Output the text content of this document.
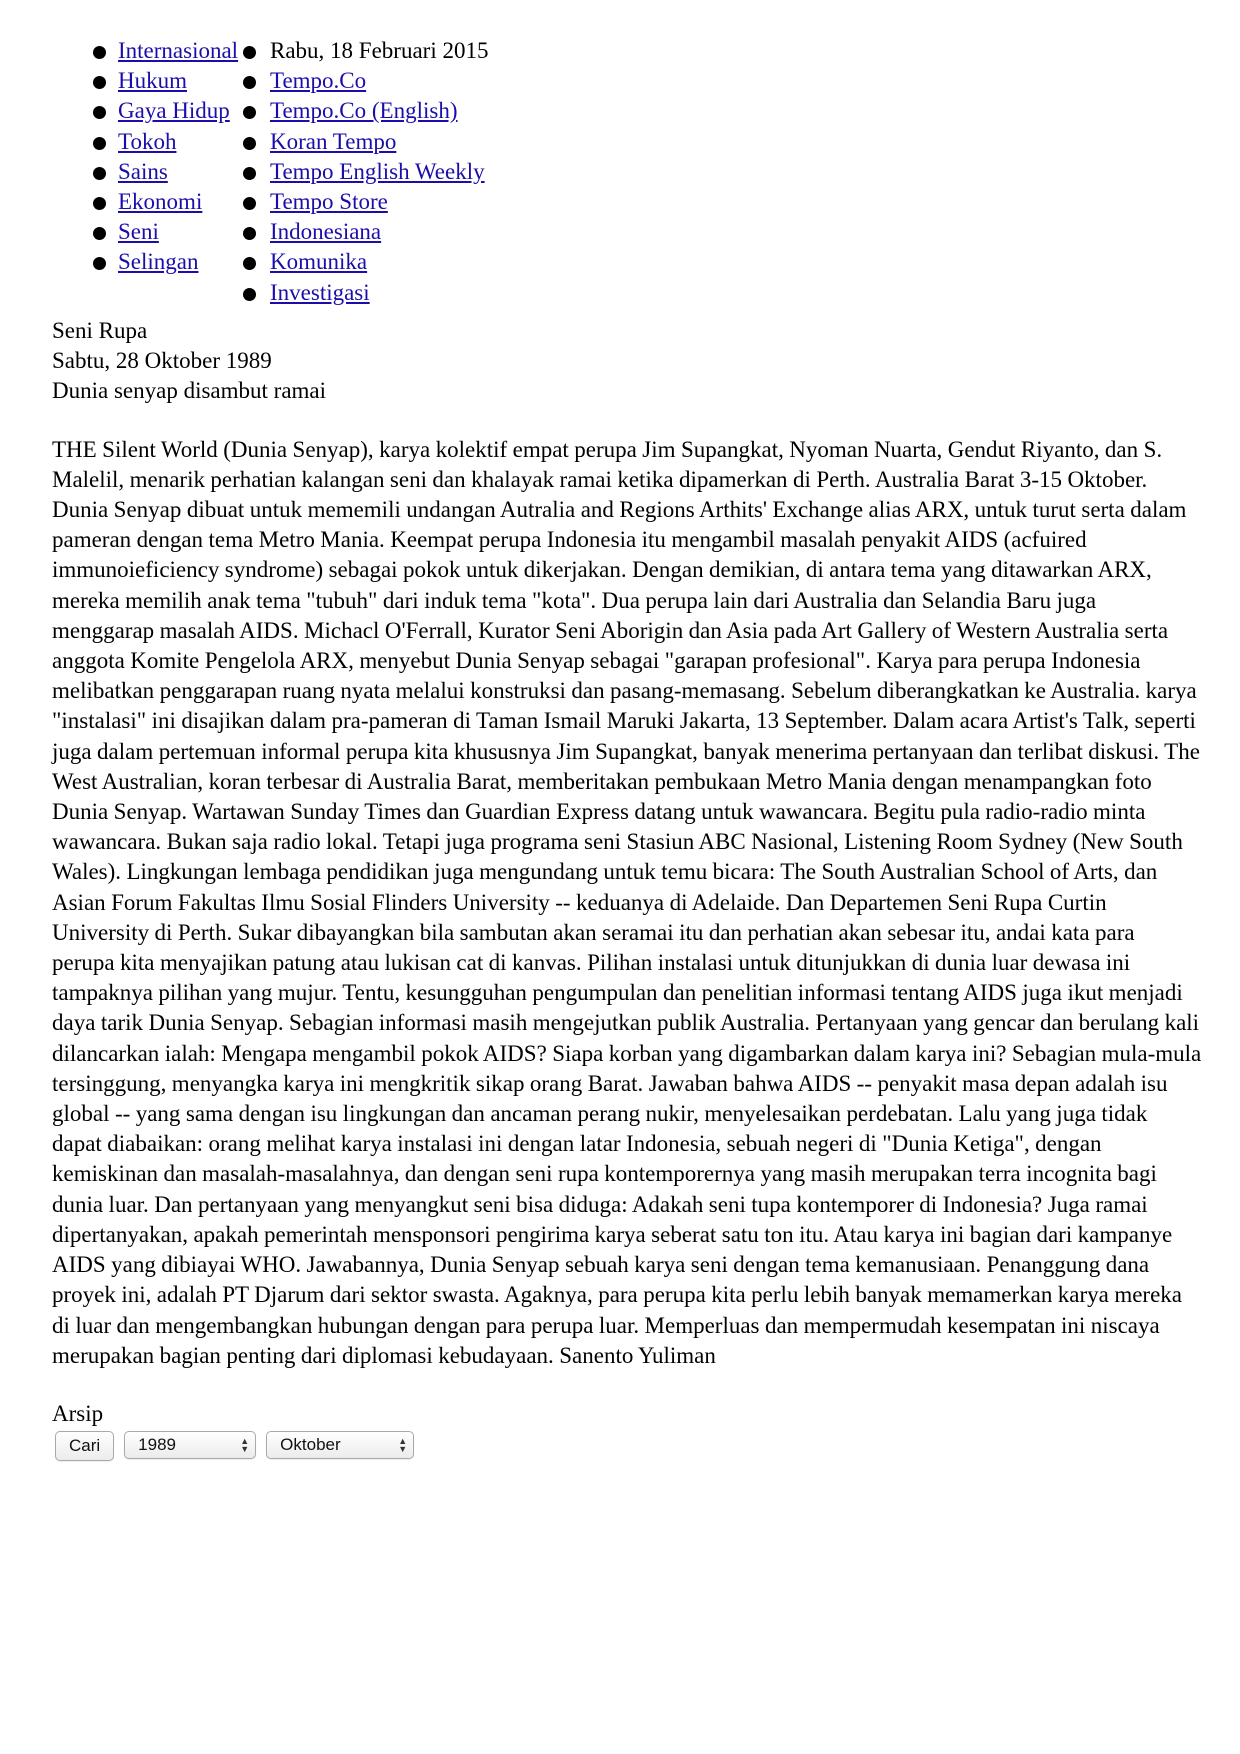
Internasional
Hukum
Gaya Hidup
Tokoh
Sains
Ekonomi
Seni
Selingan
Rabu, 18 Februari 2015
Tempo.Co
Tempo.Co (English)
Koran Tempo
Tempo English Weekly
Tempo Store
Indonesiana
Komunika
Investigasi
Seni Rupa
Sabtu, 28 Oktober 1989
Dunia senyap disambut ramai
THE Silent World (Dunia Senyap), karya kolektif empat perupa Jim Supangkat, Nyoman Nuarta, Gendut Riyanto, dan S. Malelil, menarik perhatian kalangan seni dan khalayak ramai ketika dipamerkan di Perth. Australia Barat 3-15 Oktober. Dunia Senyap dibuat untuk mememili undangan Autralia and Regions Arthits' Exchange alias ARX, untuk turut serta dalam pameran dengan tema Metro Mania. Keempat perupa Indonesia itu mengambil masalah penyakit AIDS (acfuired immunoieficiency syndrome) sebagai pokok untuk dikerjakan. Dengan demikian, di antara tema yang ditawarkan ARX, mereka memilih anak tema "tubuh" dari induk tema "kota". Dua perupa lain dari Australia dan Selandia Baru juga menggarap masalah AIDS. Michacl O'Ferrall, Kurator Seni Aborigin dan Asia pada Art Gallery of Western Australia serta anggota Komite Pengelola ARX, menyebut Dunia Senyap sebagai "garapan profesional". Karya para perupa Indonesia melibatkan penggarapan ruang nyata melalui konstruksi dan pasang-memasang. Sebelum diberangkatkan ke Australia. karya "instalasi" ini disajikan dalam pra-pameran di Taman Ismail Maruki Jakarta, 13 September. Dalam acara Artist's Talk, seperti juga dalam pertemuan informal perupa kita khususnya Jim Supangkat, banyak menerima pertanyaan dan terlibat diskusi. The West Australian, koran terbesar di Australia Barat, memberitakan pembukaan Metro Mania dengan menampangkan foto Dunia Senyap. Wartawan Sunday Times dan Guardian Express datang untuk wawancara. Begitu pula radio-radio minta wawancara. Bukan saja radio lokal. Tetapi juga programa seni Stasiun ABC Nasional, Listening Room Sydney (New South Wales). Lingkungan lembaga pendidikan juga mengundang untuk temu bicara: The South Australian School of Arts, dan Asian Forum Fakultas Ilmu Sosial Flinders University -- keduanya di Adelaide. Dan Departemen Seni Rupa Curtin University di Perth. Sukar dibayangkan bila sambutan akan seramai itu dan perhatian akan sebesar itu, andai kata para perupa kita menyajikan patung atau lukisan cat di kanvas. Pilihan instalasi untuk ditunjukkan di dunia luar dewasa ini tampaknya pilihan yang mujur. Tentu, kesungguhan pengumpulan dan penelitian informasi tentang AIDS juga ikut menjadi daya tarik Dunia Senyap. Sebagian informasi masih mengejutkan publik Australia. Pertanyaan yang gencar dan berulang kali dilancarkan ialah: Mengapa mengambil pokok AIDS? Siapa korban yang digambarkan dalam karya ini? Sebagian mula-mula tersinggung, menyangka karya ini mengkritik sikap orang Barat. Jawaban bahwa AIDS -- penyakit masa depan adalah isu global -- yang sama dengan isu lingkungan dan ancaman perang nukir, menyelesaikan perdebatan. Lalu yang juga tidak dapat diabaikan: orang melihat karya instalasi ini dengan latar Indonesia, sebuah negeri di "Dunia Ketiga", dengan kemiskinan dan masalah-masalahnya, dan dengan seni rupa kontemporernya yang masih merupakan terra incognita bagi dunia luar. Dan pertanyaan yang menyangkut seni bisa diduga: Adakah seni tupa kontemporer di Indonesia? Juga ramai dipertanyakan, apakah pemerintah mensponsori pengirima karya seberat satu ton itu. Atau karya ini bagian dari kampanye AIDS yang dibiayai WHO. Jawabannya, Dunia Senyap sebuah karya seni dengan tema kemanusiaan. Penanggung dana proyek ini, adalah PT Djarum dari sektor swasta. Agaknya, para perupa kita perlu lebih banyak memamerkan karya mereka di luar dan mengembangkan hubungan dengan para perupa luar. Memperluas dan mempermudah kesempatan ini niscaya merupakan bagian penting dari diplomasi kebudayaan. Sanento Yuliman
Arsip
Cari	1989	▲
▼ Oktober	▲
▼
